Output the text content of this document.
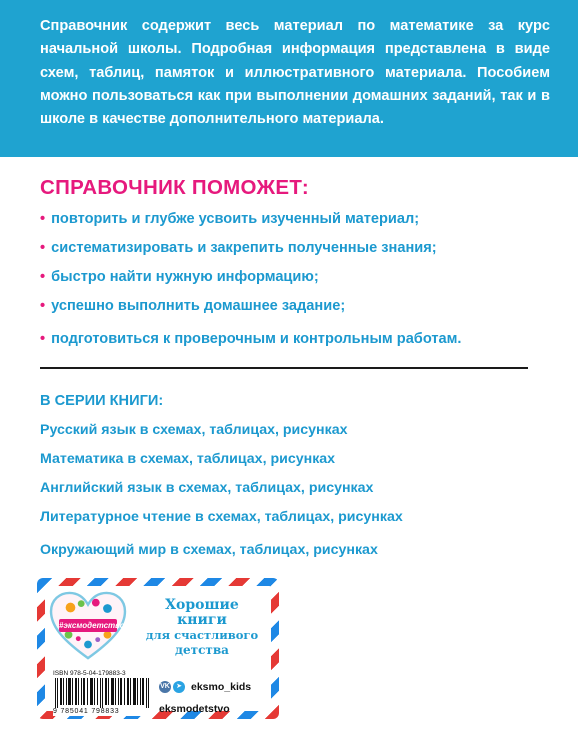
Справочник содержит весь материал по математике за курс начальной школы. Подробная информация представлена в виде схем, таблиц, памяток и иллюстративного материала. Пособием можно пользоваться как при выполнении домашних заданий, так и в школе в качестве дополнительного материала.

СПРАВОЧНИК ПОМОЖЕТ:
• повторить и глубже усвоить изученный материал;
• систематизировать и закрепить полученные знания;
• быстро найти нужную информацию;
• успешно выполнить домашнее задание;
• подготовиться к проверочным и контрольным работам.
В СЕРИИ КНИГИ:
Русский язык в схемах, таблицах, рисунках
Математика в схемах, таблицах, рисунках
Английский язык в схемах, таблицах, рисунках
Литературное чтение в схемах, таблицах, рисунках
Окружающий мир в схемах, таблицах, рисунках
#эксмодетство
Хорошие
книги
для счастливого
детства

ISBN 978-5-04-179883-3

9 785041 798833

VK ➤ eksmo_kids
eksmodetstvo
